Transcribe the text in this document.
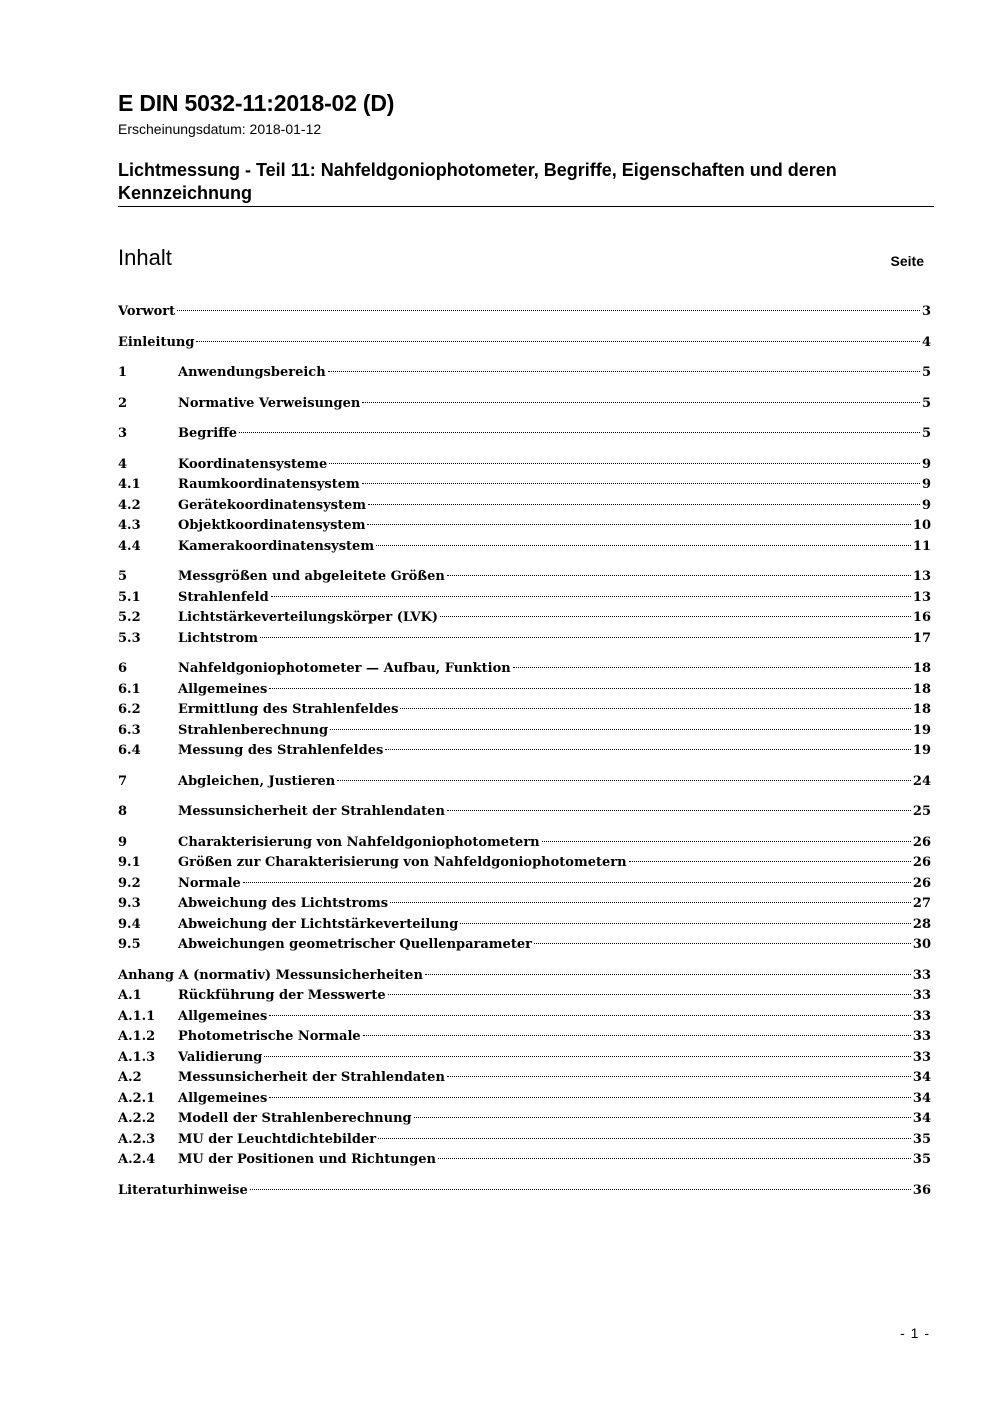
E DIN 5032-11:2018-02 (D)
Erscheinungsdatum: 2018-01-12
Lichtmessung - Teil 11: Nahfeldgoniophotometer, Begriffe, Eigenschaften und deren Kennzeichnung
Inhalt	Seite
Vorwort	3
Einleitung	4
1	Anwendungsbereich	5
2	Normative Verweisungen	5
3	Begriffe	5
4	Koordinatensysteme	9
4.1	Raumkoordinatensystem	9
4.2	Gerätekoordinatensystem	9
4.3	Objektkoordinatensystem	10
4.4	Kamerakoordinatensystem	11
5	Messgrößen und abgeleitete Größen	13
5.1	Strahlenfeld	13
5.2	Lichtstärkeverteilungskörper (LVK)	16
5.3	Lichtstrom	17
6	Nahfeldgoniophotometer — Aufbau, Funktion	18
6.1	Allgemeines	18
6.2	Ermittlung des Strahlenfeldes	18
6.3	Strahlenberechnung	19
6.4	Messung des Strahlenfeldes	19
7	Abgleichen, Justieren	24
8	Messunsicherheit der Strahlendaten	25
9	Charakterisierung von Nahfeldgoniophotometern	26
9.1	Größen zur Charakterisierung von Nahfeldgoniophotometern	26
9.2	Normale	26
9.3	Abweichung des Lichtstroms	27
9.4	Abweichung der Lichtstärkeverteilung	28
9.5	Abweichungen geometrischer Quellenparameter	30
Anhang A (normativ) Messunsicherheiten	33
A.1	Rückführung der Messwerte	33
A.1.1	Allgemeines	33
A.1.2	Photometrische Normale	33
A.1.3	Validierung	33
A.2	Messunsicherheit der Strahlendaten	34
A.2.1	Allgemeines	34
A.2.2	Modell der Strahlenberechnung	34
A.2.3	MU der Leuchtdichtebilder	35
A.2.4	MU der Positionen und Richtungen	35
Literaturhinweise	36
- 1 -
